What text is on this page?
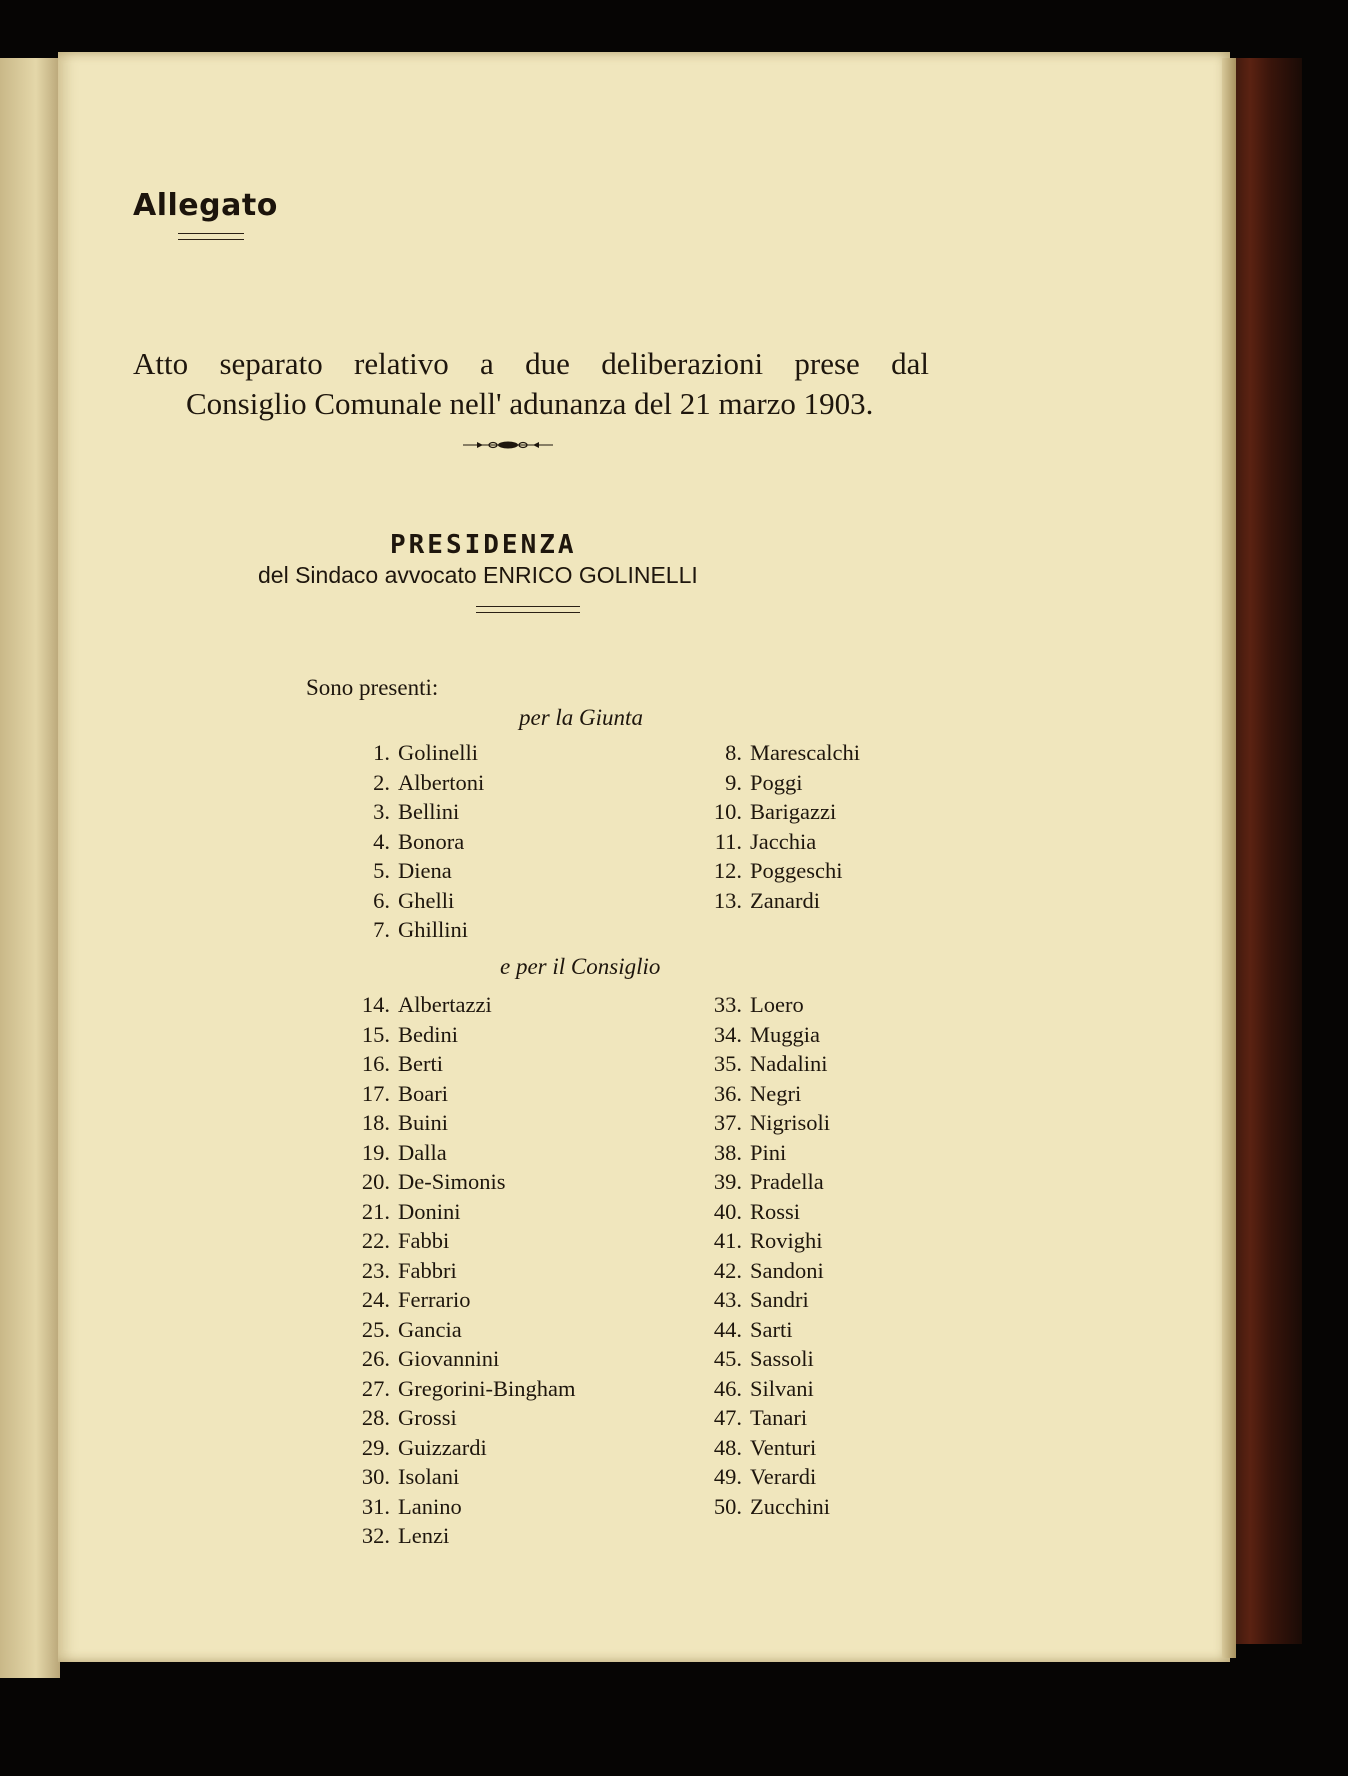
Allegato
Atto separato relativo a due deliberazioni prese dal
Consiglio Comunale nell' adunanza del 21 marzo 1903.
PRESIDENZA
del Sindaco avvocato ENRICO GOLINELLI
Sono presenti:
per la Giunta
1. Golinelli
2. Albertoni
3. Bellini
4. Bonora
5. Diena
6. Ghelli
7. Ghillini
8. Marescalchi
9. Poggi
10. Barigazzi
11. Jacchia
12. Poggeschi
13. Zanardi
e per il Consiglio
14. Albertazzi
15. Bedini
16. Berti
17. Boari
18. Buini
19. Dalla
20. De-Simonis
21. Donini
22. Fabbi
23. Fabbri
24. Ferrario
25. Gancia
26. Giovannini
27. Gregorini-Bingham
28. Grossi
29. Guizzardi
30. Isolani
31. Lanino
32. Lenzi
33. Loero
34. Muggia
35. Nadalini
36. Negri
37. Nigrisoli
38. Pini
39. Pradella
40. Rossi
41. Rovighi
42. Sandoni
43. Sandri
44. Sarti
45. Sassoli
46. Silvani
47. Tanari
48. Venturi
49. Verardi
50. Zucchini
